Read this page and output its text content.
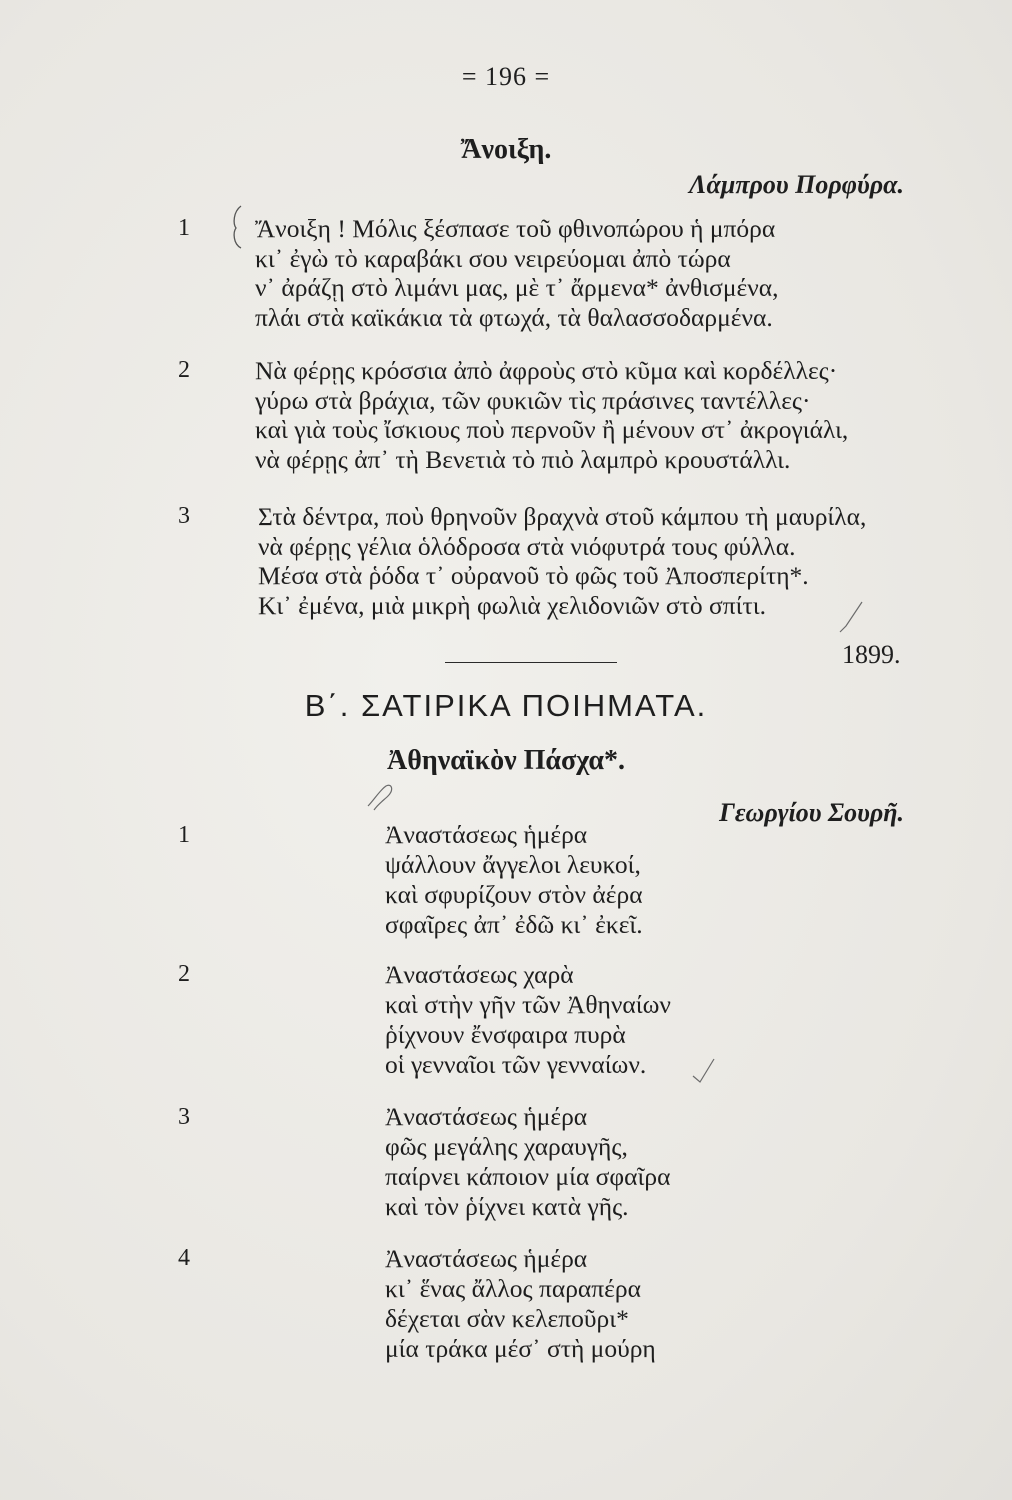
= 196 =
Ἄνοιξη.
Λάμπρου Πορφύρα.
1	Ἄνοιξη ! Μόλις ξέσπασε τοῦ φθινοπώρου ἡ μπόρα
κι᾿ ἐγὼ τὸ καραβάκι σου νειρεύομαι ἀπὸ τώρα
ν᾿ ἀράζῃ στὸ λιμάνι μας, μὲ τ᾿ ἄρμενα* ἀνθισμένα,
πλάι στὰ καϊκάκια τὰ φτωχά, τὰ θαλασσοδαρμένα.
2	Νὰ φέρῃς κρόσσια ἀπὸ ἀφροὺς στὸ κῦμα καὶ κορδέλλες·
γύρω στὰ βράχια, τῶν φυκιῶν τὶς πράσινες ταντέλλες·
καὶ γιὰ τοὺς ἴσκιους ποὺ περνοῦν ἢ μένουν στ᾿ ἀκρογιάλι,
νὰ φέρῃς ἀπ᾿ τὴ Βενετιὰ τὸ πιὸ λαμπρὸ κρουστάλλι.
3	Στὰ δέντρα, ποὺ θρηνοῦν βραχνὰ στοῦ κάμπου τὴ μαυρίλα,
νὰ φέρῃς γέλια ὁλόδροσα στὰ νιόφυτρά τους φύλλα.
Μέσα στὰ ῥόδα τ᾿ οὐρανοῦ τὸ φῶς τοῦ Ἀποσπερίτη*.
Κι᾿ ἐμένα, μιὰ μικρὴ φωλιὰ χελιδονιῶν στὸ σπίτι.
1899.
Β΄. ΣΑΤΙΡΙΚΑ ΠΟΙΗΜΑΤΑ.
Ἀθηναϊκὸν Πάσχα*.
Γεωργίου Σουρῆ.
1	Ἀναστάσεως ἡμέρα
ψάλλουν ἄγγελοι λευκοί,
καὶ σφυρίζουν στὸν ἀέρα
σφαῖρες ἀπ᾿ ἐδῶ κι᾿ ἐκεῖ.
2	Ἀναστάσεως χαρὰ
καὶ στὴν γῆν τῶν Ἀθηναίων
ῥίχνουν ἔνσφαιρα πυρὰ
οἱ γενναῖοι τῶν γενναίων.
3	Ἀναστάσεως ἡμέρα
φῶς μεγάλης χαραυγῆς,
παίρνει κάποιον μία σφαῖρα
καὶ τὸν ῥίχνει κατὰ γῆς.
4	Ἀναστάσεως ἡμέρα
κι᾿ ἕνας ἄλλος παραπέρα
δέχεται σὰν κελεποῦρι*
μία τράκα μέσ᾿ στὴ μούρη
